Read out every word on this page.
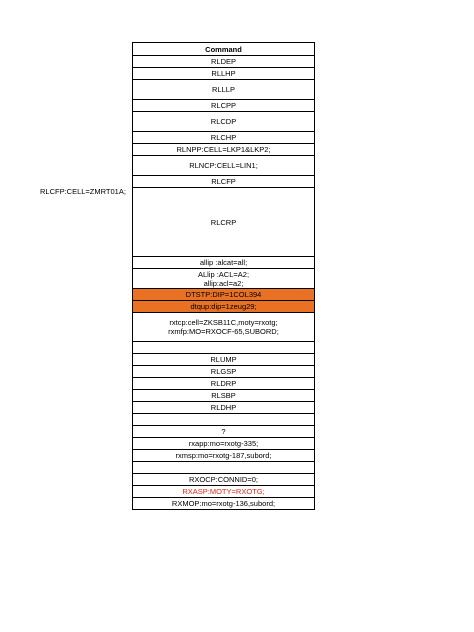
RLCFP:CELL=ZMRT01A;
Command

RLDEP

RLLHP

RLLLP

RLCPP

RLCDP

RLCHP

RLNPP:CELL=LKP1&LKP2;

RLNCP:CELL=LIN1;

RLCFP

RLCRP

allip :alcat=all;

ALlip :ACL=A2;
allip:acl=a2;

DTSTP:DIP=1COL394

dtqup:dip=1zeug29;

rxtcp:cell=ZKSB11C,moty=rxotg;
rxmfp:MO=RXOCF-65,SUBORD;

RLUMP

RLGSP

RLDRP

RLSBP

RLDHP

?

rxapp:mo=rxotg-335;

rxmsp:mo=rxotg-187,subord;

RXOCP:CONNID=0;

RXASP:MOTY=RXOTG;

RXMOP:mo=rxotg-136,subord;
